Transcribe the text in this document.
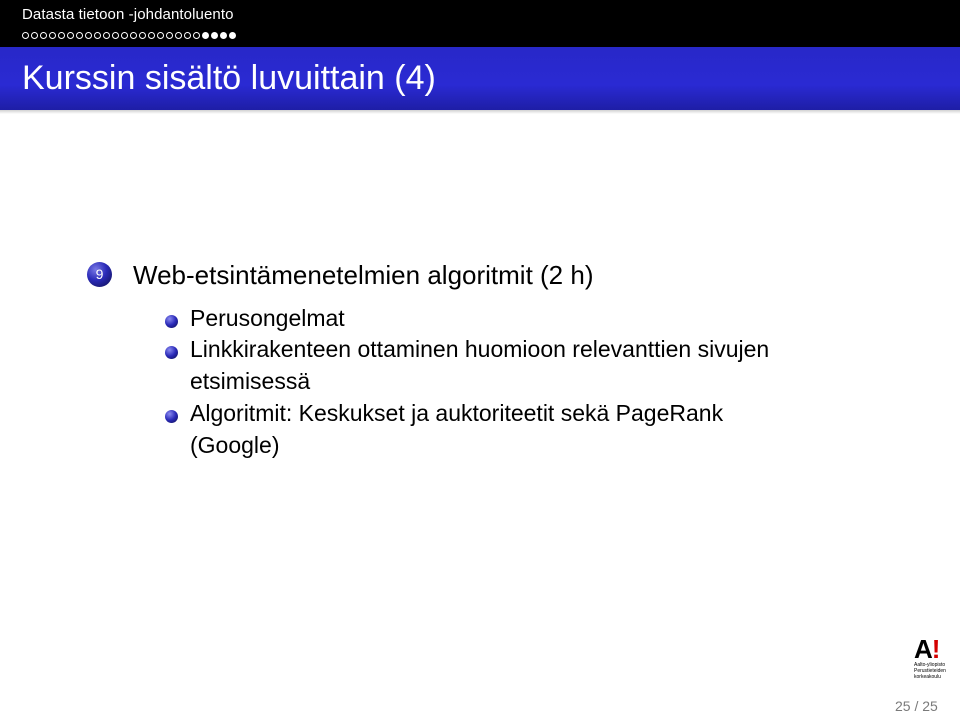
Datasta tietoon -johdantoluento
Kurssin sisältö luvuittain (4)
9	Web-etsintämenetelmien algoritmit (2 h)
Perusongelmat
Linkkirakenteen ottaminen huomioon relevanttien sivujen
etsimisessä
Algoritmit: Keskukset ja auktoriteetit sekä PageRank
(Google)
A!
Aalto-yliopisto
Perustieteiden
korkeakoulu
25 / 25
